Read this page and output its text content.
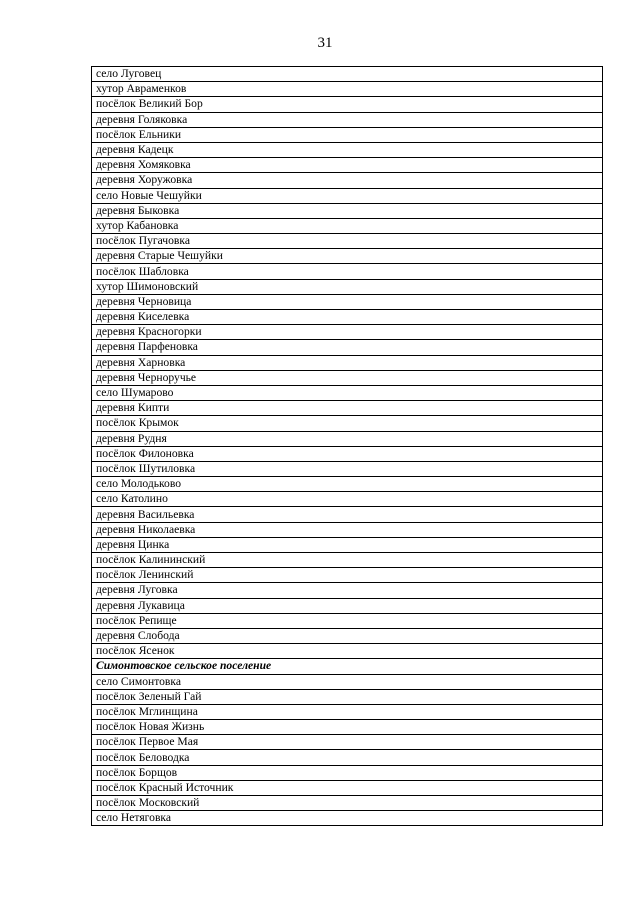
31
село Луговец
хутор Авраменков
посёлок Великий Бор
деревня Голяковка
посёлок Ельники
деревня Кадецк
деревня Хомяковка
деревня Хоружовка
село Новые Чешуйки
деревня Быковка
хутор Кабановка
посёлок Пугачовка
деревня Старые Чешуйки
посёлок Шабловка
хутор Шимоновский
деревня Черновица
деревня Киселевка
деревня Красногорки
деревня Парфеновка
деревня Харновка
деревня Черноручье
село Шумарово
деревня Кипти
посёлок Крымок
деревня Рудня
посёлок Филоновка
посёлок Шутиловка
село Молодьково
село Католино
деревня Васильевка
деревня Николаевка
деревня Цинка
посёлок Калининский
посёлок Ленинский
деревня Луговка
деревня Лукавица
посёлок Репище
деревня Слобода
посёлок Ясенок
Симонтовское сельское поселение
село Симонтовка
посёлок Зеленый Гай
посёлок Мглинщина
посёлок Новая Жизнь
посёлок Первое Мая
посёлок Беловодка
посёлок Борщов
посёлок Красный Источник
посёлок Московский
село Нетяговка
